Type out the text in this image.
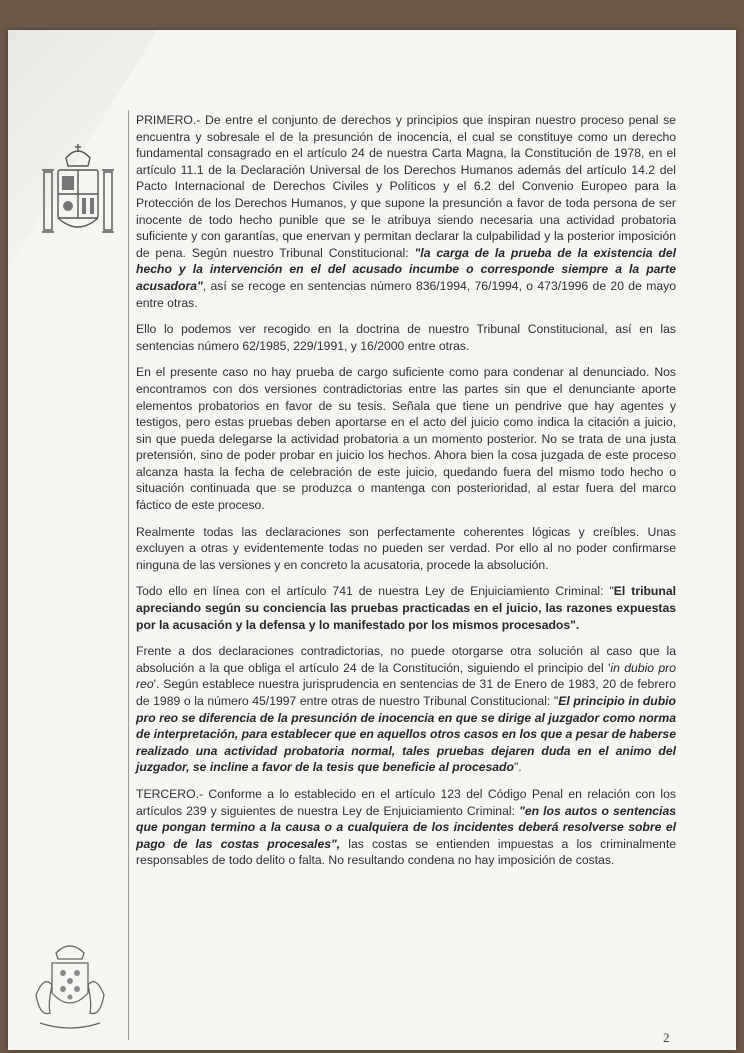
PRIMERO.- De entre el conjunto de derechos y principios que inspiran nuestro proceso penal se encuentra y sobresale el de la presunción de inocencia, el cual se constituye como un derecho fundamental consagrado en el artículo 24 de nuestra Carta Magna, la Constitución de 1978, en el artículo 11.1 de la Declaración Universal de los Derechos Humanos además del artículo 14.2 del Pacto Internacional de Derechos Civiles y Políticos y el 6.2 del Convenio Europeo para la Protección de los Derechos Humanos, y que supone la presunción a favor de toda persona de ser inocente de todo hecho punible que se le atribuya siendo necesaria una actividad probatoria suficiente y con garantías, que enervan y permitan declarar la culpabilidad y la posterior imposición de pena. Según nuestro Tribunal Constitucional: "la carga de la prueba de la existencia del hecho y la intervención en el del acusado incumbe o corresponde siempre a la parte acusadora", así se recoge en sentencias número 836/1994, 76/1994, o 473/1996 de 20 de mayo entre otras.

Ello lo podemos ver recogido en la doctrina de nuestro Tribunal Constitucional, así en las sentencias número 62/1985, 229/1991, y 16/2000 entre otras.

En el presente caso no hay prueba de cargo suficiente como para condenar al denunciado. Nos encontramos con dos versiones contradictorias entre las partes sin que el denunciante aporte elementos probatorios en favor de su tesis. Señala que tiene un pendrive que hay agentes y testigos, pero estas pruebas deben aportarse en el acto del juicio como indica la citación a juicio, sin que pueda delegarse la actividad probatoria a un momento posterior. No se trata de una justa pretensión, sino de poder probar en juicio los hechos. Ahora bien la cosa juzgada de este proceso alcanza hasta la fecha de celebración de este juicio, quedando fuera del mismo todo hecho o situación continuada que se produzca o mantenga con posterioridad, al estar fuera del marco fáctico de este proceso.

Realmente todas las declaraciones son perfectamente coherentes lógicas y creíbles. Unas excluyen a otras y evidentemente todas no pueden ser verdad. Por ello al no poder confirmarse ninguna de las versiones y en concreto la acusatoria, procede la absolución.

Todo ello en línea con el artículo 741 de nuestra Ley de Enjuiciamiento Criminal: "El tribunal apreciando según su conciencia las pruebas practicadas en el juicio, las razones expuestas por la acusación y la defensa y lo manifestado por los mismos procesados".

Frente a dos declaraciones contradictorias, no puede otorgarse otra solución al caso que la absolución a la que obliga el artículo 24 de la Constitución, siguiendo el principio del 'in dubio pro reo'. Según establece nuestra jurisprudencia en sentencias de 31 de Enero de 1983, 20 de febrero de 1989 o la número 45/1997 entre otras de nuestro Tribunal Constitucional: "El principio in dubio pro reo se diferencia de la presunción de inocencia en que se dirige al juzgador como norma de interpretación, para establecer que en aquellos otros casos en los que a pesar de haberse realizado una actividad probatoria normal, tales pruebas dejaren duda en el animo del juzgador, se incline a favor de la tesis que beneficie al procesado".

TERCERO.- Conforme a lo establecido en el artículo 123 del Código Penal en relación con los artículos 239 y siguientes de nuestra Ley de Enjuiciamiento Criminal: "en los autos o sentencias que pongan termino a la causa o a cualquiera de los incidentes deberá resolverse sobre el pago de las costas procesales", las costas se entienden impuestas a los criminalmente responsables de todo delito o falta. No resultando condena no hay imposición de costas.

2
